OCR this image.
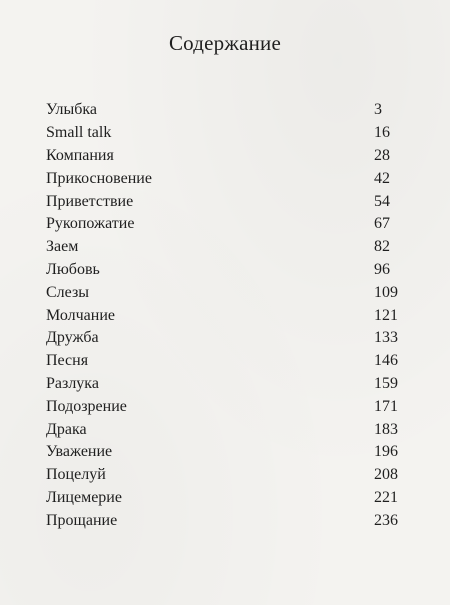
Содержание
Улыбка	3
Small talk	16
Компания	28
Прикосновение	42
Приветствие	54
Рукопожатие	67
Заем	82
Любовь	96
Слезы	109
Молчание	121
Дружба	133
Песня	146
Разлука	159
Подозрение	171
Драка	183
Уважение	196
Поцелуй	208
Лицемерие	221
Прощание	236
